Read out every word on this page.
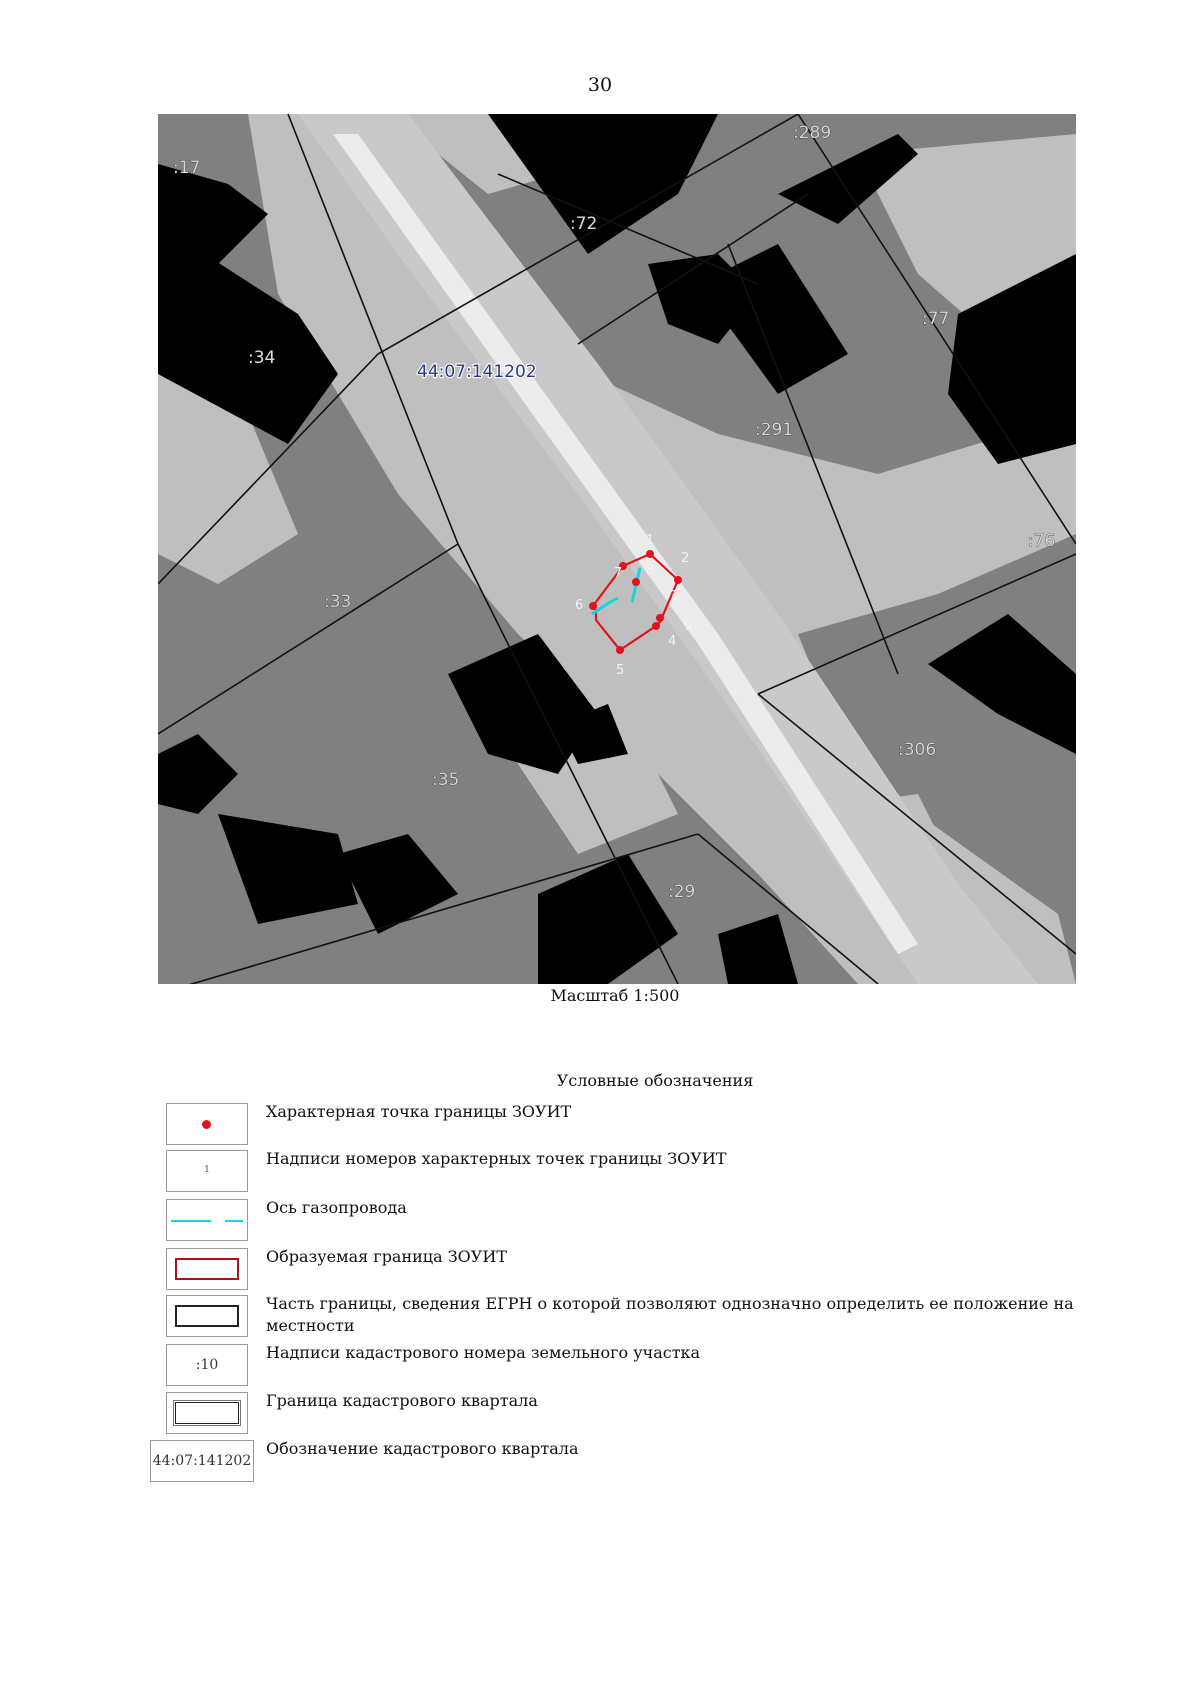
30
1
2
3
4
5
6
7 8
9
:17
:289
:72
:77
:34
:291
:76
:33
:306
:35
:29
44:07:141202
Масштаб 1:500
Условные обозначения
Характерная точка границы ЗОУИТ
1
Надписи номеров характерных точек границы ЗОУИТ
Ось газопровода
Образуемая граница ЗОУИТ
Часть границы, сведения ЕГРН о которой позволяют однозначно определить ее положение на местности
:10
Надписи кадастрового номера земельного участка
Граница кадастрового квартала
44:07:141202
Обозначение кадастрового квартала
